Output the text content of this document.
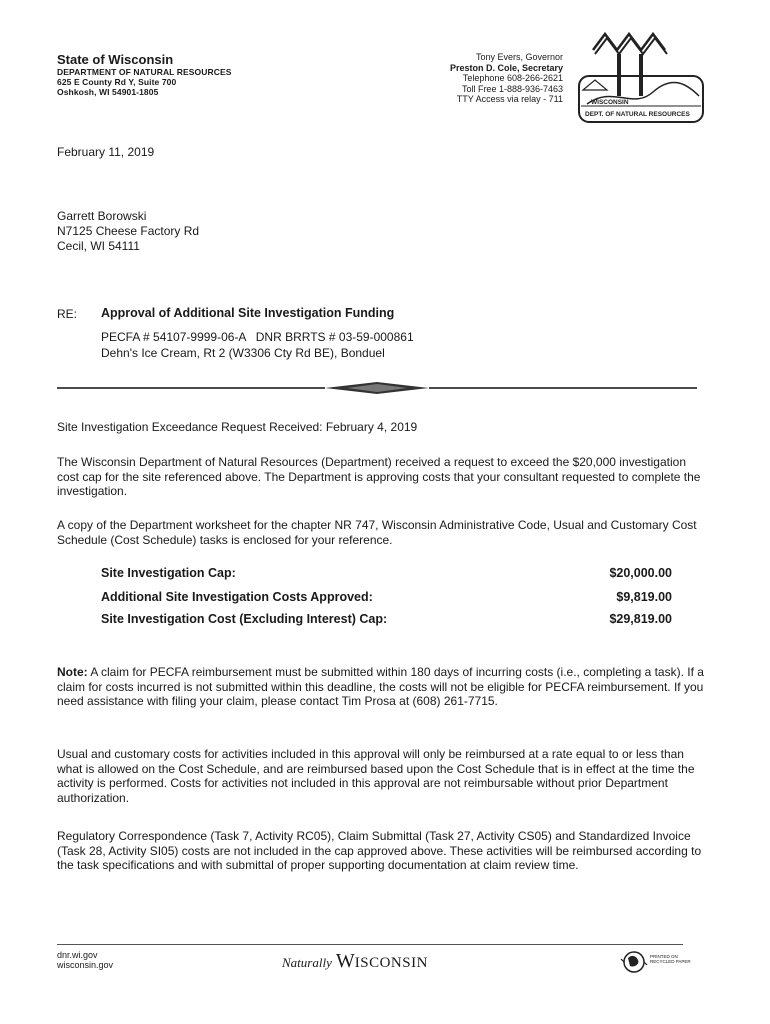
State of Wisconsin
DEPARTMENT OF NATURAL RESOURCES
625 E County Rd Y, Suite 700
Oshkosh, WI 54901-1805
Tony Evers, Governor
Preston D. Cole, Secretary
Telephone 608-266-2621
Toll Free 1-888-936-7463
TTY Access via relay - 711	WISCONSIN
DEPT. OF NATURAL RESOURCES
February 11, 2019
Garrett Borowski
N7125 Cheese Factory Rd
Cecil, WI 54111
RE: Approval of Additional Site Investigation Funding
PECFA # 54107-9999-06-A   DNR BRRTS # 03-59-000861
Dehn's Ice Cream, Rt 2 (W3306 Cty Rd BE), Bonduel
Site Investigation Exceedance Request Received: February 4, 2019
The Wisconsin Department of Natural Resources (Department) received a request to exceed the $20,000 investigation cost cap for the site referenced above. The Department is approving costs that your consultant requested to complete the investigation.
A copy of the Department worksheet for the chapter NR 747, Wisconsin Administrative Code, Usual and Customary Cost Schedule (Cost Schedule) tasks is enclosed for your reference.
Site Investigation Cap:	$20,000.00
Additional Site Investigation Costs Approved:	$9,819.00
Site Investigation Cost (Excluding Interest) Cap:	$29,819.00
Note: A claim for PECFA reimbursement must be submitted within 180 days of incurring costs (i.e., completing a task). If a claim for costs incurred is not submitted within this deadline, the costs will not be eligible for PECFA reimbursement. If you need assistance with filing your claim, please contact Tim Prosa at (608) 261-7715.
Usual and customary costs for activities included in this approval will only be reimbursed at a rate equal to or less than what is allowed on the Cost Schedule, and are reimbursed based upon the Cost Schedule that is in effect at the time the activity is performed. Costs for activities not included in this approval are not reimbursable without prior Department authorization.
Regulatory Correspondence (Task 7, Activity RC05), Claim Submittal (Task 27, Activity CS05) and Standardized Invoice (Task 28, Activity SI05) costs are not included in the cap approved above. These activities will be reimbursed according to the task specifications and with submittal of proper supporting documentation at claim review time.
dnr.wi.gov
wisconsin.gov	Naturally WISCONSIN	PRINTED ON RECYCLED PAPER
